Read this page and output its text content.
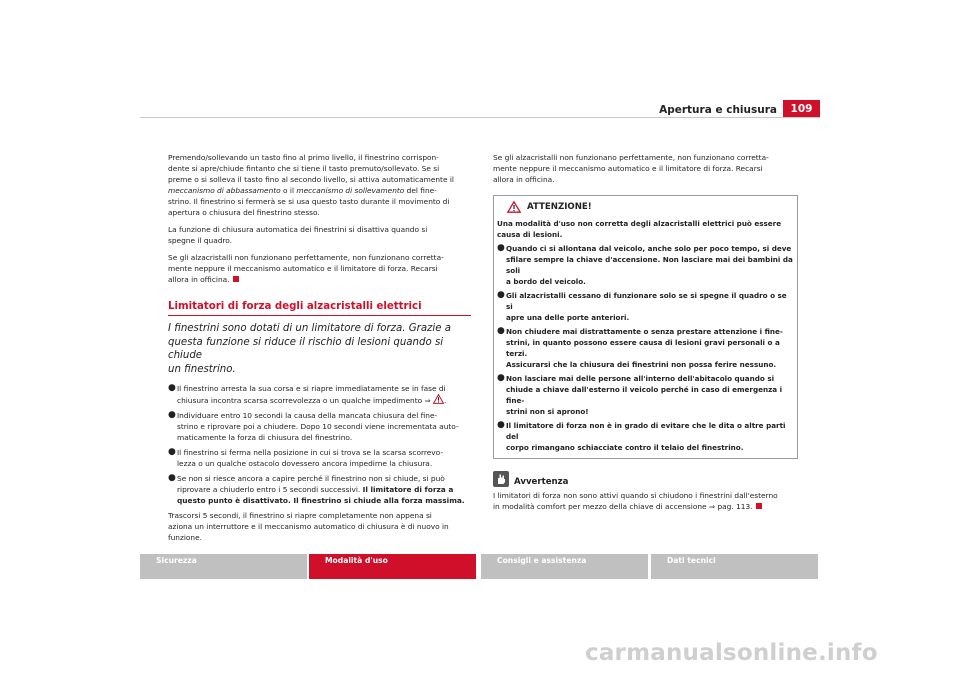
Apertura e chiusura	109

Premendo/sollevando un tasto fino al primo livello, il finestrino corrispon-
dente si apre/chiude fintanto che si tiene il tasto premuto/sollevato. Se si
preme o si solleva il tasto fino al secondo livello, si attiva automaticamente il
meccanismo di abbassamento o il meccanismo di sollevamento del fine-
strino. Il finestrino si fermerà se si usa questo tasto durante il movimento di
apertura o chiusura del finestrino stesso.

La funzione di chiusura automatica dei finestrini si disattiva quando si
spegne il quadro.

Se gli alzacristalli non funzionano perfettamente, non funzionano corretta-
mente neppure il meccanismo automatico e il limitatore di forza. Recarsi
allora in officina.

Limitatori di forza degli alzacristalli elettrici

I finestrini sono dotati di un limitatore di forza. Grazie a
questa funzione si riduce il rischio di lesioni quando si chiude
un finestrino.

● Il finestrino arresta la sua corsa e si riapre immediatamente se in fase di
chiusura incontra scarsa scorrevolezza o un qualche impedimento ⇒ .
● Individuare entro 10 secondi la causa della mancata chiusura del fine-
strino e riprovare poi a chiudere. Dopo 10 secondi viene incrementata auto-
maticamente la forza di chiusura del finestrino.
● Il finestrino si ferma nella posizione in cui si trova se la scarsa scorrevo-
lezza o un qualche ostacolo dovessero ancora impedirne la chiusura.
● Se non si riesce ancora a capire perché il finestrino non si chiude, si può
riprovare a chiuderlo entro i 5 secondi successivi. Il limitatore di forza a
questo punto è disattivato. Il finestrino si chiude alla forza massima.

Trascorsi 5 secondi, il finestrino si riapre completamente non appena si
aziona un interruttore e il meccanismo automatico di chiusura è di nuovo in
funzione.

Se gli alzacristalli non funzionano perfettamente, non funzionano corretta-
mente neppure il meccanismo automatico e il limitatore di forza. Recarsi
allora in officina.

ATTENZIONE!

Una modalità d'uso non corretta degli alzacristalli elettrici può essere
causa di lesioni.

● Quando ci si allontana dal veicolo, anche solo per poco tempo, si deve
sfilare sempre la chiave d'accensione. Non lasciare mai dei bambini da soli
a bordo del veicolo.
● Gli alzacristalli cessano di funzionare solo se si spegne il quadro o se si
apre una delle porte anteriori.
● Non chiudere mai distrattamente o senza prestare attenzione i fine-
strini, in quanto possono essere causa di lesioni gravi personali o a terzi.
Assicurarsi che la chiusura dei finestrini non possa ferire nessuno.
● Non lasciare mai delle persone all'interno dell'abitacolo quando si
chiude a chiave dall'esterno il veicolo perché in caso di emergenza i fine-
strini non si aprono!
● Il limitatore di forza non è in grado di evitare che le dita o altre parti del
corpo rimangano schiacciate contro il telaio del finestrino.
Avvertenza

I limitatori di forza non sono attivi quando si chiudono i finestrini dall'esterno
in modalità comfort per mezzo della chiave di accensione ⇒ pag. 113.

Sicurezza	Modalità d'uso	Consigli e assistenza	Dati tecnici
carmanualsonline.info
